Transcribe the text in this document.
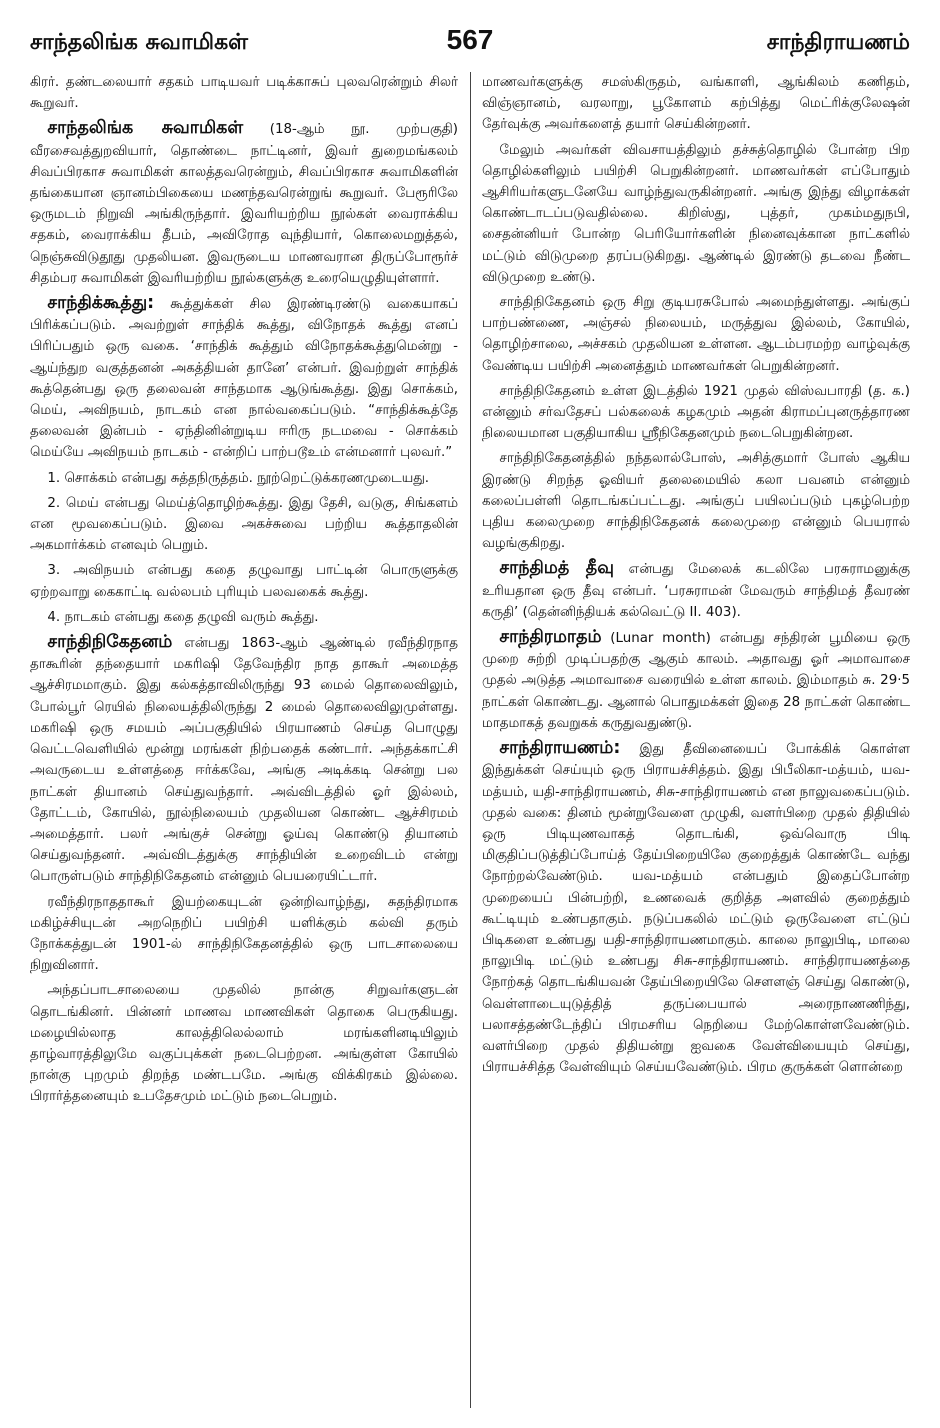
சாந்தலிங்க சுவாமிகள்	567	சாந்திராயணம்

கிரர். தண்டலையார் சதகம் பாடியவர் படிக்காசுப் புலவரென்றும் சிலர் கூறுவர்.

சாந்தலிங்க சுவாமிகள் (18-ஆம் நூ. முற்பகுதி) வீரசைவத்துறவியார், தொண்டை நாட்டினர், இவர் துறைமங்கலம் சிவப்பிரகாச சுவாமிகள் காலத்தவரென்றும், சிவப்பிரகாச சுவாமிகளின் தங்கையான ஞானம்பிகையை மணந்தவரென்றுங் கூறுவர். பேரூரிலே ஒருமடம் நிறுவி அங்கிருந்தார். இவரியற்றிய நூல்கள் வைராக்கிய சதகம், வைராக்கிய தீபம், அவிரோத வுந்தியார், கொலைமறுத்தல், நெஞ்சுவிடுதூது முதலியன. இவருடைய மாணவரான திருப்போரூர்ச் சிதம்பர சுவாமிகள் இவரியற்றிய நூல்களுக்கு உரையெழுதியுள்ளார்.

சாந்திக்கூத்து: கூத்துக்கள் சில இரண்டிரண்டு வகையாகப் பிரிக்கப்படும். அவற்றுள் சாந்திக் கூத்து, விநோதக் கூத்து எனப் பிரிப்பதும் ஒரு வகை. ‘சாந்திக் கூத்தும் விநோதக்கூத்துமென்று - ஆய்ந்துற வகுத்தனன் அகத்தியன் தானே’ என்பர். இவற்றுள் சாந்திக் கூத்தென்பது ஒரு தலைவன் சாந்தமாக ஆடுங்கூத்து. இது சொக்கம், மெய், அவிநயம், நாடகம் என நால்வகைப்படும். “சாந்திக்கூத்தே தலைவன் இன்பம் - ஏந்தினின்றுடிய ஈரிரு நடமவை - சொக்கம் மெய்யே அவிநயம் நாடகம் - என்றிப் பாற்படூஉம் என்மனார் புலவர்.”

1. சொக்கம் என்பது சுத்தநிருத்தம். நூற்றெட்டுக்கரணமுடையது.

2. மெய் என்பது மெய்த்தொழிற்கூத்து. இது தேசி, வடுகு, சிங்களம் என மூவகைப்படும். இவை அகச்சுவை பற்றிய கூத்தாதலின் அகமார்க்கம் எனவும் பெறும்.

3. அவிநயம் என்பது கதை தழுவாது பாட்டின் பொருளுக்கு ஏற்றவாறு கைகாட்டி வல்லபம் புரியும் பலவகைக் கூத்து.

4. நாடகம் என்பது கதை தழுவி வரும் கூத்து.

சாந்திநிகேதனம் என்பது 1863-ஆம் ஆண்டில் ரவீந்திரநாத தாகூரின் தந்தையார் மகரிஷி தேவேந்திர நாத தாகூர் அமைத்த ஆச்சிரமமாகும். இது கல்கத்தாவிலிருந்து 93 மைல் தொலைவிலும், போல்பூர் ரெயில் நிலையத்திலிருந்து 2 மைல் தொலைவிலுமுள்ளது. மகரிஷி ஒரு சமயம் அப்பகுதியில் பிரயாணம் செய்த பொழுது வெட்டவெளியில் மூன்று மரங்கள் நிற்பதைக் கண்டார். அந்தக்காட்சி அவருடைய உள்ளத்தை ஈர்க்கவே, அங்கு அடிக்கடி சென்று பல நாட்கள் தியானம் செய்துவந்தார். அவ்விடத்தில் ஓர் இல்லம், தோட்டம், கோயில், நூல்நிலையம் முதலியன கொண்ட ஆச்சிரமம் அமைத்தார். பலர் அங்குச் சென்று ஓய்வு கொண்டு தியானம் செய்துவந்தனர். அவ்விடத்துக்கு சாந்தியின் உறைவிடம் என்று பொருள்படும் சாந்திநிகேதனம் என்னும் பெயரையிட்டார்.

ரவீந்திரநாததாகூர் இயற்கையுடன் ஒன்றிவாழ்ந்து, சுதந்திரமாக மகிழ்ச்சியுடன் அறநெறிப் பயிற்சி யளிக்கும் கல்வி தரும் நோக்கத்துடன் 1901-ல் சாந்திநிகேதனத்தில் ஒரு பாடசாலையை நிறுவினார்.

அந்தப்பாடசாலையை முதலில் நான்கு சிறுவர்களுடன் தொடங்கினர். பின்னர் மாணவ மாணவிகள் தொகை பெருகியது. மழையில்லாத காலத்திலெல்லாம் மரங்களினடியிலும் தாழ்வாரத்திலுமே வகுப்புக்கள் நடைபெற்றன. அங்குள்ள கோயில் நான்கு புறமும் திறந்த மண்டபமே. அங்கு விக்கிரகம் இல்லை. பிரார்த்தனையும் உபதேசமும் மட்டும் நடைபெறும்.

மாணவர்களுக்கு சமஸ்கிருதம், வங்காளி, ஆங்கிலம் கணிதம், விஞ்ஞானம், வரலாறு, பூகோளம் கற்பித்து மெட்ரிக்குலேஷன் தேர்வுக்கு அவர்களைத் தயார் செய்கின்றனர்.

மேலும் அவர்கள் விவசாயத்திலும் தச்சுத்தொழில் போன்ற பிற தொழில்களிலும் பயிற்சி பெறுகின்றனர். மாணவர்கள் எப்போதும் ஆசிரியர்களுடனேயே வாழ்ந்துவருகின்றனர். அங்கு இந்து விழாக்கள் கொண்டாடப்படுவதில்லை. கிறிஸ்து, புத்தர், முகம்மதுநபி, சைதன்னியர் போன்ற பெரியோர்களின் நினைவுக்கான நாட்களில் மட்டும் விடுமுறை தரப்படுகிறது. ஆண்டில் இரண்டு தடவை நீண்ட விடுமுறை உண்டு.

சாந்திநிகேதனம் ஒரு சிறு குடியரசுபோல் அமைந்துள்ளது. அங்குப் பாற்பண்ணை, அஞ்சல் நிலையம், மருத்துவ இல்லம், கோயில், தொழிற்சாலை, அச்சகம் முதலியன உள்ளன. ஆடம்பரமற்ற வாழ்வுக்கு வேண்டிய பயிற்சி அனைத்தும் மாணவர்கள் பெறுகின்றனர்.

சாந்திநிகேதனம் உள்ள இடத்தில் 1921 முதல் விஸ்வபாரதி (த. க.) என்னும் சர்வதேசப் பல்கலைக் கழகமும் அதன் கிராமப்புனருத்தாரண நிலையமான பகுதியாகிய ஸ்ரீநிகேதனமும் நடைபெறுகின்றன.

சாந்திநிகேதனத்தில் நந்தலால்போஸ், அசித்குமார் போஸ் ஆகிய இரண்டு சிறந்த ஓவியர் தலைமையில் கலா பவனம் என்னும் கலைப்பள்ளி தொடங்கப்பட்டது. அங்குப் பயிலப்படும் புகழ்பெற்ற புதிய கலைமுறை சாந்திநிகேதனக் கலைமுறை என்னும் பெயரால் வழங்குகிறது.

சாந்திமத் தீவு என்பது மேலைக் கடலிலே பரசுராமனுக்கு உரியதான ஒரு தீவு என்பர். ‘பரசுராமன் மேவரும் சாந்திமத் தீவரண் கருதி’ (தென்னிந்தியக் கல்வெட்டு II. 403).

சாந்திரமாதம் (Lunar month) என்பது சந்திரன் பூமியை ஒரு முறை சுற்றி முடிப்பதற்கு ஆகும் காலம். அதாவது ஓர் அமாவாசை முதல் அடுத்த அமாவாசை வரையில் உள்ள காலம். இம்மாதம் சு. 29·5 நாட்கள் கொண்டது. ஆனால் பொதுமக்கள் இதை 28 நாட்கள் கொண்ட மாதமாகத் தவறுகக் கருதுவதுண்டு.

சாந்திராயணம்: இது தீவினையைப் போக்கிக் கொள்ள இந்துக்கள் செய்யும் ஒரு பிராயச்சித்தம். இது பிபீலிகா-மத்யம், யவ-மத்யம், யதி-சாந்திராயணம், சிசு-சாந்திராயணம் என நாலுவகைப்படும். முதல் வகை: தினம் மூன்றுவேளை முழுகி, வளர்பிறை முதல் திதியில் ஒரு பிடியுணவாகத் தொடங்கி, ஒவ்வொரு பிடி மிகுதிப்படுத்திப்போய்த் தேய்பிறையிலே குறைத்துக் கொண்டே வந்து நோற்றல்வேண்டும். யவ-மத்யம் என்பதும் இதைப்போன்ற முறையைப் பின்பற்றி, உணவைக் குறித்த அளவில் குறைத்தும் கூட்டியும் உண்பதாகும். நடுப்பகலில் மட்டும் ஒருவேளை எட்டுப் பிடிகளை உண்பது யதி-சாந்திராயணமாகும். காலை நாலுபிடி, மாலை நாலுபிடி மட்டும் உண்பது சிசு-சாந்திராயணம். சாந்திராயணத்தை நோற்கத் தொடங்கியவன் தேய்பிறையிலே சௌளஞ் செய்து கொண்டு, வெள்ளாடையுடுத்தித் தருப்பையால் அரைநாணணிந்து, பலாசத்தண்டேந்திப் பிரமசரிய நெறியை மேற்கொள்ளவேண்டும். வளர்பிறை முதல் திதியன்று ஐவகை வேள்வியையும் செய்து, பிராயச்சித்த வேள்வியும் செய்யவேண்டும். பிரம குருக்கள் ளொன்றை
